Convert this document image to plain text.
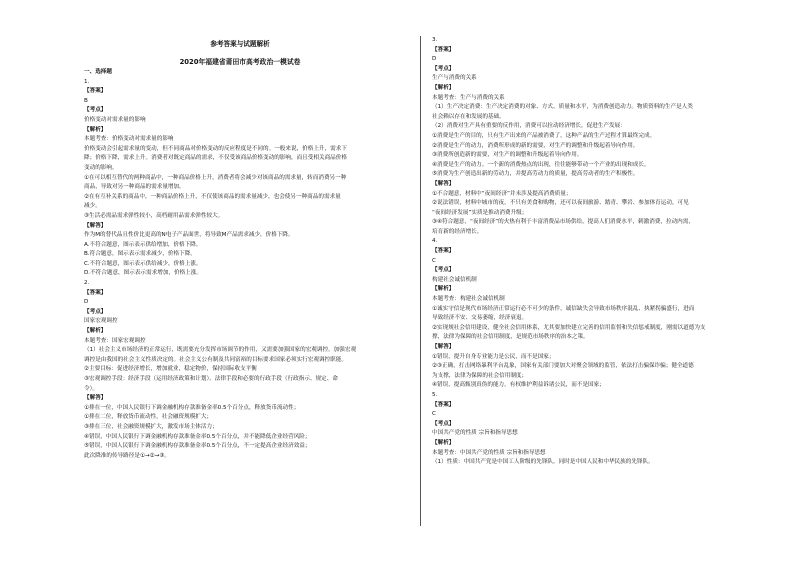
参考答案与试题解析
2020年福建省莆田市高考政治一模试卷
一、选择题
1.
【答案】
B
【考点】
价格变动对需求量的影响
【解析】
本题考查：价格变动对需求量的影响
价格变动会引起需求量的变动，但不同商品对价格变动的反应程度是不同的。一般来说，价格上升，需求下
降；价格下降，需求上升。消费者对既定商品的需求，不仅受该商品价格变动的影响，而且受相关商品价格
变动的影响。
①在可以相互替代的两种商品中，一种商品价格上升，消费者将会减少对该商品的需求量，转而消费另一种
商品，导致对另一种商品的需求量增加。
②在有互补关系的商品中，一种商品价格上升，不仅使该商品的需求量减少，也会使另一种商品的需求量
减少。
③生活必需品需求弹性较小，高档耐用品需求弹性较大。
【解答】
作为M的替代品且性价比更高的N电子产品面世，将导致M产品需求减少，价格下降。
A.不符合题意，图示表示供给增加，价格下降。
B.符合题意，图示表示需求减少，价格下降。
C.不符合题意，图示表示供给减少，价格上涨。
D.不符合题意，图示表示需求增加，价格上涨。
2.
【答案】
D
【考点】
国家宏观调控
【解析】
本题考查：国家宏观调控
（1）社会主义市场经济的正常运行，既需要充分发挥市场调节的作用，又需要加强国家的宏观调控。加强宏观
调控是由我国的社会主义性质决定的。社会主义公有制及共同富裕的目标要求国家必须实行宏观调控职能。
②主要目标：促进经济增长，增加就业，稳定物价，保持国际收支平衡
③宏观调控手段：经济手段（运用经济政策和计划）、法律手段和必要的行政手段（行政指示、规定、命
令）。
【解答】
①排在一位，中国人民银行下调金融机构存款准备金率0.5个百分点，释放货币流动性；
①排在二位，释放货币流动性，社会融资规模扩大；
③排在三位，社会融资规模扩大，激发市场主体活力；
④错误，中国人民银行下调金融机构存款准备金率0.5个百分点，并不能降低企业经营风险；
⑤错误，中国人民银行下调金融机构存款准备金率0.5个百分点，不一定提高企业经济效益；
此次降准的传导路径是①→②→③。
3.
【答案】
D
【考点】
生产与消费的关系
【解析】
本题考查：生产与消费的关系
（1）生产决定消费：生产决定消费的对象、方式、质量和水平，为消费创造动力。物质资料的生产是人类
社会赖以存在和发展的基础。
（2）消费对生产具有重要的反作用，消费可以拉动经济增长，促进生产发展：
①消费是生产的目的，只有生产出来的产品被消费了，这种产品的生产过程才算最终完成。
②消费是生产的动力，消费所形成的新的需要，对生产的调整和升级起着导向作用。
③消费所创造新的需要，对生产的调整和升级起着导向作用。
④消费是生产的动力。一个新的消费热点的出现，往往能够带动一个产业的出现和成长。
⑤消费为生产创造出新的劳动力，并提高劳动力的质量，提高劳动者的生产积极性。
【解答】
①不合题意，材料中“夜间经济”并未涉及提高消费质量；
②说法错误，材料中城市的夜，不只有美食和购物，还可以夜间旅游、踏青、攀岩、参加体育运动，可见
“夜间经济发展”实质是推动消费升级；
③④符合题意，“夜间经济”的火热有利于丰富消费品市场供给，提高人们消费水平，刺激消费，拉动内需，
培育新的经济增长。
4.
【答案】
C
【考点】
构建社会诚信机制
【解析】
本题考查：构建社会诚信机制
①诚实守信是现代市场经济正常运行必不可少的条件，诚信缺失会导致市场秩序混乱、执紧拐骗盛行，进而
导致经济不安、交易萎缩，经济衰退。
②实现规社会信用建设，健全社会信用体系，尤其要加快建立完善的信用监督和失信惩戒制度，刚需以道德为支
撑，法律为保障的社会信用制度，是规范市场秩序的治本之策。
【解答】
①错误，提升自身专业能力是公民，而不是国家；
②③正确，打击网络暴利平台乱象，国家有关部门要加大对聚会领域的监管，依法打击骗保诈骗；健全道德
为支撑，法律为保障的社会信用制度；
④错误，提高甄别真伪的能力，有权维护利益诉诸公民，而不是国家；
5.
【答案】
C
【考点】
中国共产党的性质 宗旨和指导思想
【解析】
本题考查：中国共产党的性质 宗旨和指导思想
（1）性质：中国共产党是中国工人阶级的先锋队，同时是中国人民和中华民族的先锋队。
